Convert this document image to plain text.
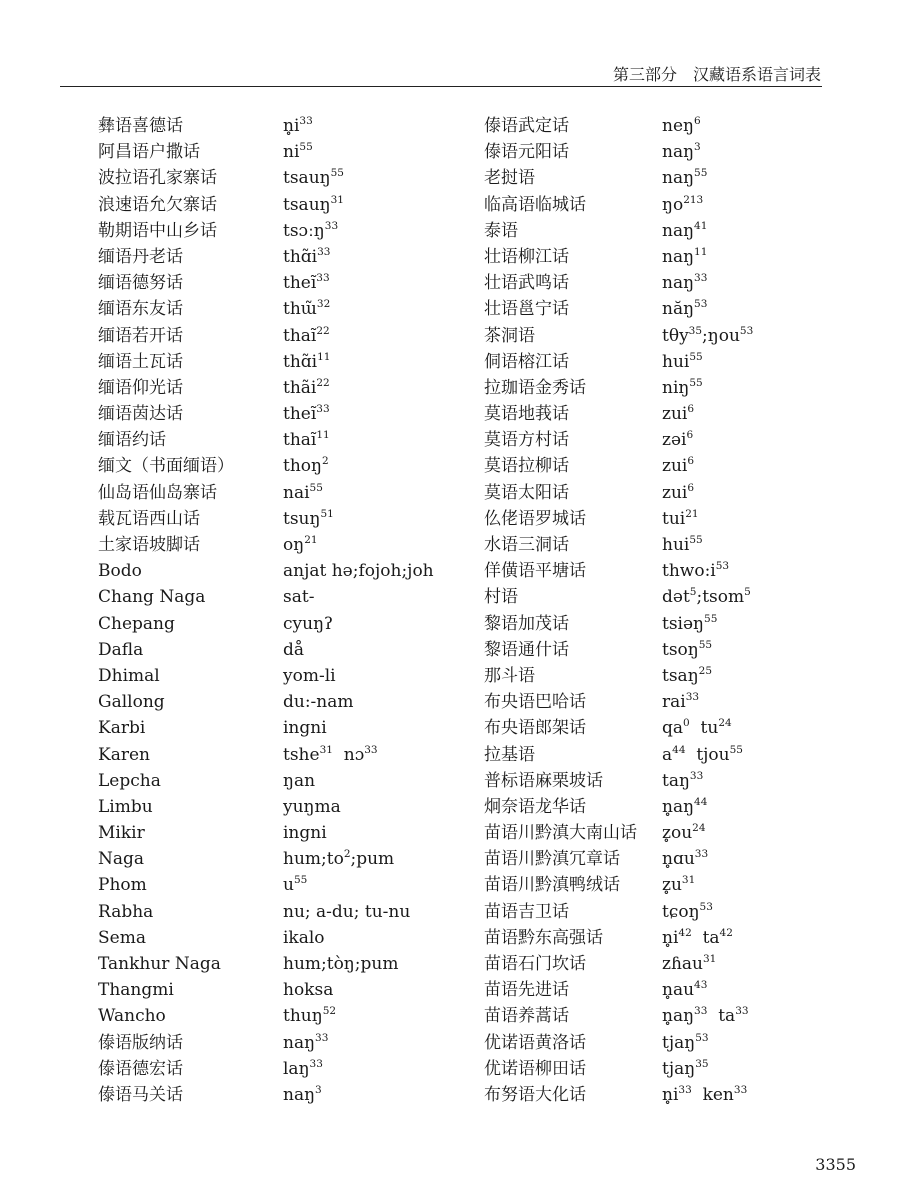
第三部分　汉藏语系语言词表
彝语喜德话	$n̥i^{33}$
阿昌语户撒话	$ni^{55}$
波拉语孔家寨话	tsauŋ$^{55}$
浪速语允欠寨话	tsauŋ$^{31}$
勒期语中山乡话	tsɔːŋ$^{33}$
缅语丹老话	$thɑ̃i^{33}$
缅语德努话	theĩ$^{33}$
缅语东友话	thɯ̃$^{32}$
缅语若开话	thaĩ$^{22}$
缅语土瓦话	$thɑ̃i^{11}$
缅语仰光话	thãi$^{22}$
缅语茵达话	theĩ$^{33}$
缅语约话	thaĩ$^{11}$
缅文（书面缅语）	thoŋ$^2$
仙岛语仙岛寨话	nai$^{55}$
载瓦语西山话	tsuŋ$^{51}$
土家语坡脚话	$oŋ^{21}$
Bodo	anjat hə;fojoh;joh
Chang Naga	sat-
Chepang	cyuŋʔ
Dafla	då
Dhimal	yom-li
Gallong	du:-nam
Karbi	ingni
Karen	tshe$^{31}$  nɔ$^{33}$
Lepcha	ŋan
Limbu	yuŋma
Mikir	ingni
Naga	$hum;to^2;pum$
Phom	$u^{55}$
Rabha	nu; a-du; tu-nu
Sema	ikalo
Tankhur Naga	hum;tòŋ;pum
Thangmi	hoksa
Wancho	thuŋ$^{52}$
傣语版纳话	naŋ$^{33}$
傣语德宏话	laŋ$^{33}$
傣语马关话	naŋ$^3$
傣语武定话	neŋ$^6$
傣语元阳话	naŋ$^3$
老挝语	naŋ$^{55}$
临高语临城话	$ŋo^{213}$
泰语	naŋ$^{41}$
壮语柳江话	naŋ$^{11}$
壮语武鸣话	naŋ$^{33}$
壮语邕宁话	năŋ$^{53}$
茶洞语	tθy$^{35}$;ŋou$^{53}$
侗语榕江话	hui$^{55}$
拉珈语金秀话	niŋ$^{55}$
莫语地莪话	zui$^6$
莫语方村话	zəi$^6$
莫语拉柳话	zui$^6$
莫语太阳话	zui$^6$
仫佬语罗城话	tui$^{21}$
水语三洞话	hui$^{55}$
佯僙语平塘话	$thwo:i^{53}$
村语	dət$^5$;tsom$^5$
黎语加茂话	tsiəŋ$^{55}$
黎语通什话	tsoŋ$^{55}$
那斗语	tsaŋ$^{25}$
布央语巴哈话	rai$^{33}$
布央语郎架话	$qa^0$  $tu^{24}$
拉基语	$a^{44}$  tjou$^{55}$
普标语麻栗坡话	taŋ$^{33}$
炯奈语龙华话	$n̥aŋ^{44}$
苗语川黔滇大南山话 $z̥ou^{24}$
苗语川黔滇冗章话 n̥ɑu$^{33}$
苗语川黔滇鸭绒话 $z̥u^{31}$
苗语吉卫话	tɕoŋ$^{53}$
苗语黔东高强话	$n̥i^{42}$  $ta^{42}$
苗语石门坎话	zɦau$^{31}$
苗语先进话	$n̥au^{43}$
苗语养蒿话	$n̥aŋ^{33}$  $ta^{33}$
优诺语黄洛话	tjaŋ$^{53}$
优诺语柳田话	tjaŋ$^{35}$
布努语大化话	$n̥i^{33}$  ken$^{33}$
3355
